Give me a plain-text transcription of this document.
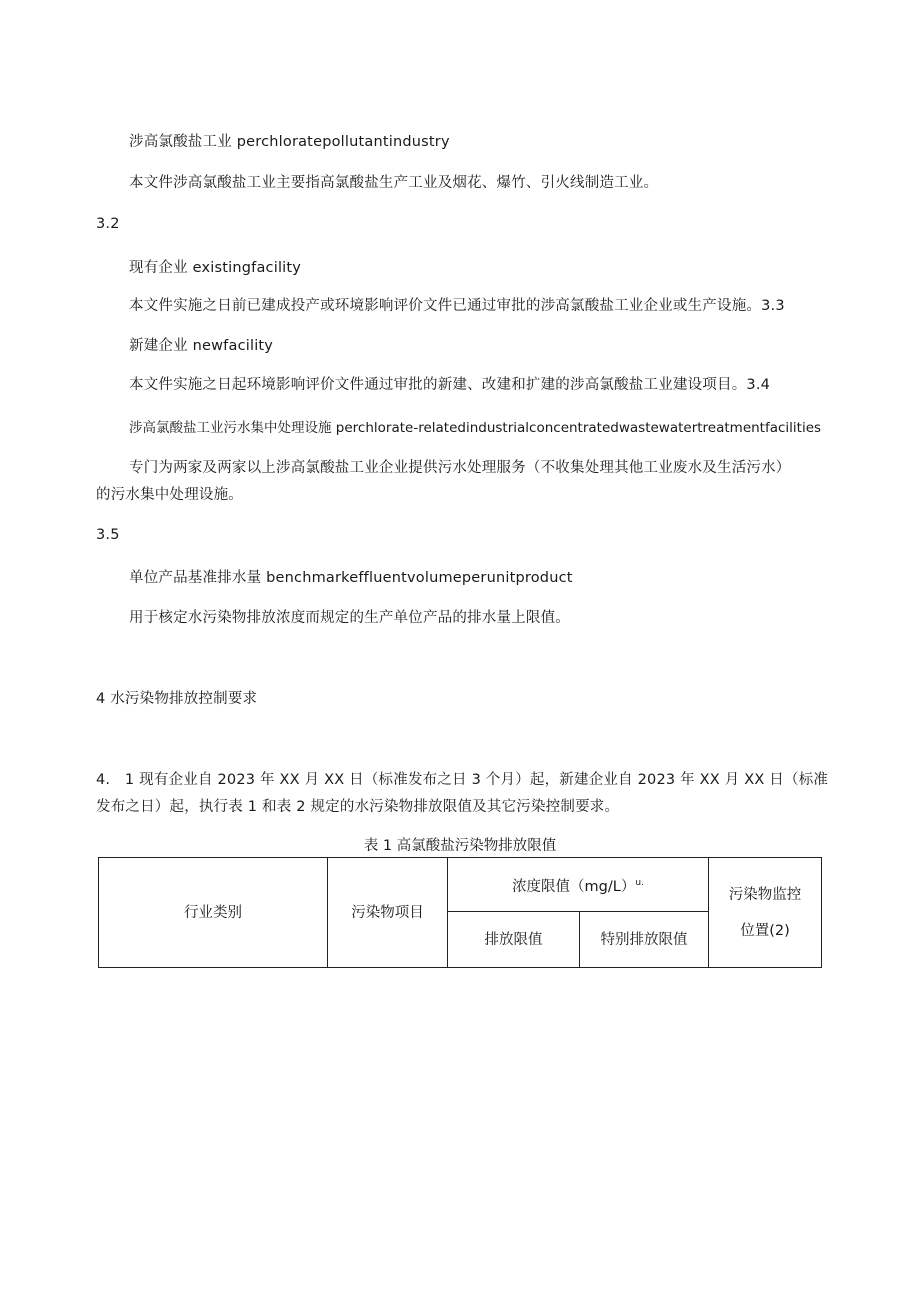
涉高氯酸盐工业 perchloratepollutantindustry
本文件涉高氯酸盐工业主要指高氯酸盐生产工业及烟花、爆竹、引火线制造工业。
3.2
现有企业 existingfacility
本文件实施之日前已建成投产或环境影响评价文件已通过审批的涉高氯酸盐工业企业或生产设施。3.3
新建企业 newfacility
本文件实施之日起环境影响评价文件通过审批的新建、改建和扩建的涉高氯酸盐工业建设项目。3.4
涉高氯酸盐工业污水集中处理设施 perchlorate-relatedindustrialconcentratedwastewatertreatmentfacilities
专门为两家及两家以上涉高氯酸盐工业企业提供污水处理服务（不收集处理其他工业废水及生活污水）
的污水集中处理设施。
3.5
单位产品基准排水量 benchmarkeffluentvolumeperunitproduct
用于核定水污染物排放浓度而规定的生产单位产品的排水量上限值。
4 水污染物排放控制要求
4.　1 现有企业自 2023 年 XX 月 XX 日（标准发布之日 3 个月）起，新建企业自 2023 年 XX 月 XX 日（标准
发布之日）起，执行表 1 和表 2 规定的水污染物排放限值及其它污染控制要求。
表 1 高氯酸盐污染物排放限值
行业类别	污染物项目	浓度限值（mg/L）$^{u.}$		污染物监控
位置(2)

		排放限值	特别排放限值	
